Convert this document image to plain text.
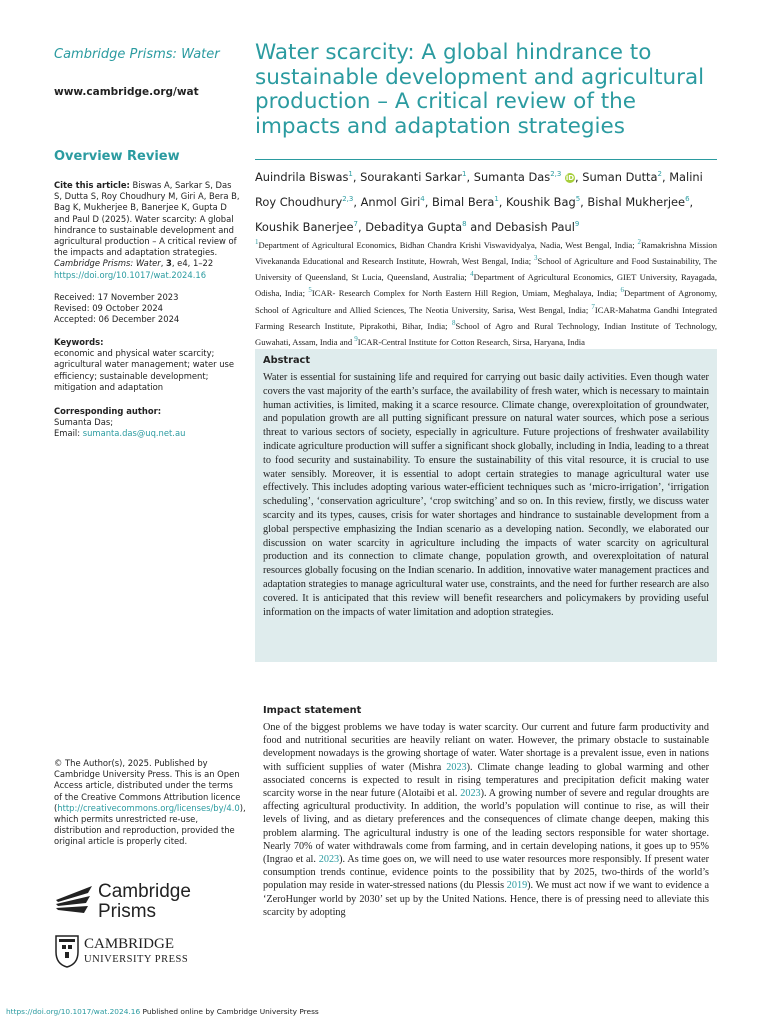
Cambridge Prisms: Water
www.cambridge.org/wat
Overview Review
Cite this article: Biswas A, Sarkar S, Das S, Dutta S, Roy Choudhury M, Giri A, Bera B, Bag K, Mukherjee B, Banerjee K, Gupta D and Paul D (2025). Water scarcity: A global hindrance to sustainable development and agricultural production – A critical review of the impacts and adaptation strategies. Cambridge Prisms: Water, 3, e4, 1–22
https://doi.org/10.1017/wat.2024.16
Received: 17 November 2023
Revised: 09 October 2024
Accepted: 06 December 2024
Keywords:
economic and physical water scarcity; agricultural water management; water use efficiency; sustainable development; mitigation and adaptation
Corresponding author:
Sumanta Das;
Email: sumanta.das@uq.net.au
© The Author(s), 2025. Published by Cambridge University Press. This is an Open Access article, distributed under the terms of the Creative Commons Attribution licence (http://creativecommons.org/licenses/by/4.0), which permits unrestricted re-use, distribution and reproduction, provided the original article is properly cited.
Cambridge
Prisms
CAMBRIDGE
UNIVERSITY PRESS
Water scarcity: A global hindrance to sustainable development and agricultural production – A critical review of the impacts and adaptation strategies
Auindrila Biswas$^1$, Sourakanti Sarkar$^1$, Sumanta Das$^{2,3}$ iD, Suman Dutta$^2$, Malini Roy Choudhury$^{2,3}$, Anmol Giri$^4$, Bimal Bera$^1$, Koushik Bag$^5$, Bishal Mukherjee$^6$, Koushik Banerjee$^7$, Debaditya Gupta$^8$ and Debasish Paul$^9$
$^1$Department of Agricultural Economics, Bidhan Chandra Krishi Viswavidyalya, Nadia, West Bengal, India; $^2$Ramakrishna Mission Vivekananda Educational and Research Institute, Howrah, West Bengal, India; $^3$School of Agriculture and Food Sustainability, The University of Queensland, St Lucia, Queensland, Australia; $^4$Department of Agricultural Economics, GIET University, Rayagada, Odisha, India; $^5$ICAR- Research Complex for North Eastern Hill Region, Umiam, Meghalaya, India; $^6$Department of Agronomy, School of Agriculture and Allied Sciences, The Neotia University, Sarisa, West Bengal, India; $^7$ICAR-Mahatma Gandhi Integrated Farming Research Institute, Piprakothi, Bihar, India; $^8$School of Agro and Rural Technology, Indian Institute of Technology, Guwahati, Assam, India and $^9$ICAR-Central Institute for Cotton Research, Sirsa, Haryana, India
Abstract

Water is essential for sustaining life and required for carrying out basic daily activities. Even though water covers the vast majority of the earth’s surface, the availability of fresh water, which is necessary to maintain human activities, is limited, making it a scarce resource. Climate change, overexploitation of groundwater, and population growth are all putting significant pressure on natural water sources, which pose a serious threat to various sectors of society, especially in agriculture. Future projections of freshwater availability indicate agriculture production will suffer a significant shock globally, including in India, leading to a threat to food security and sustainability. To ensure the sustainability of this vital resource, it is crucial to use water sensibly. Moreover, it is essential to adopt certain strategies to manage agricultural water use effectively. This includes adopting various water-efficient techniques such as ‘micro-irrigation’, ‘irrigation scheduling’, ‘conservation agriculture’, ‘crop switching’ and so on. In this review, firstly, we discuss water scarcity and its types, causes, crisis for water shortages and hindrance to sustainable development from a global perspective emphasizing the Indian scenario as a developing nation. Secondly, we elaborated our discussion on water scarcity in agriculture including the impacts of water scarcity on agricultural production and its connection to climate change, population growth, and overexploitation of natural resources globally focusing on the Indian scenario. In addition, innovative water management practices and adaptation strategies to manage agricultural water use, constraints, and the need for further research are also covered. It is anticipated that this review will benefit researchers and policymakers by providing useful information on the impacts of water limitation and adoption strategies.

Impact statement

One of the biggest problems we have today is water scarcity. Our current and future farm productivity and food and nutritional securities are heavily reliant on water. However, the primary obstacle to sustainable development nowadays is the growing shortage of water. Water shortage is a prevalent issue, even in nations with sufficient supplies of water (Mishra 2023). Climate change leading to global warming and other associated concerns is expected to result in rising temperatures and precipitation deficit making water scarcity worse in the near future (Alotaibi et al. 2023). A growing number of severe and regular droughts are affecting agricultural productivity. In addition, the world’s population will continue to rise, as will their levels of living, and as dietary preferences and the consequences of climate change deepen, making this problem alarming. The agricultural industry is one of the leading sectors responsible for water shortage. Nearly 70% of water withdrawals come from farming, and in certain developing nations, it goes up to 95% (Ingrao et al. 2023). As time goes on, we will need to use water resources more responsibly. If present water consumption trends continue, evidence points to the possibility that by 2025, two-thirds of the world’s population may reside in water-stressed nations (du Plessis 2019). We must act now if we want to evidence a ‘ZeroHunger world by 2030’ set up by the United Nations. Hence, there is of pressing need to alleviate this scarcity by adopting

https://doi.org/10.1017/wat.2024.16 Published online by Cambridge University Press
